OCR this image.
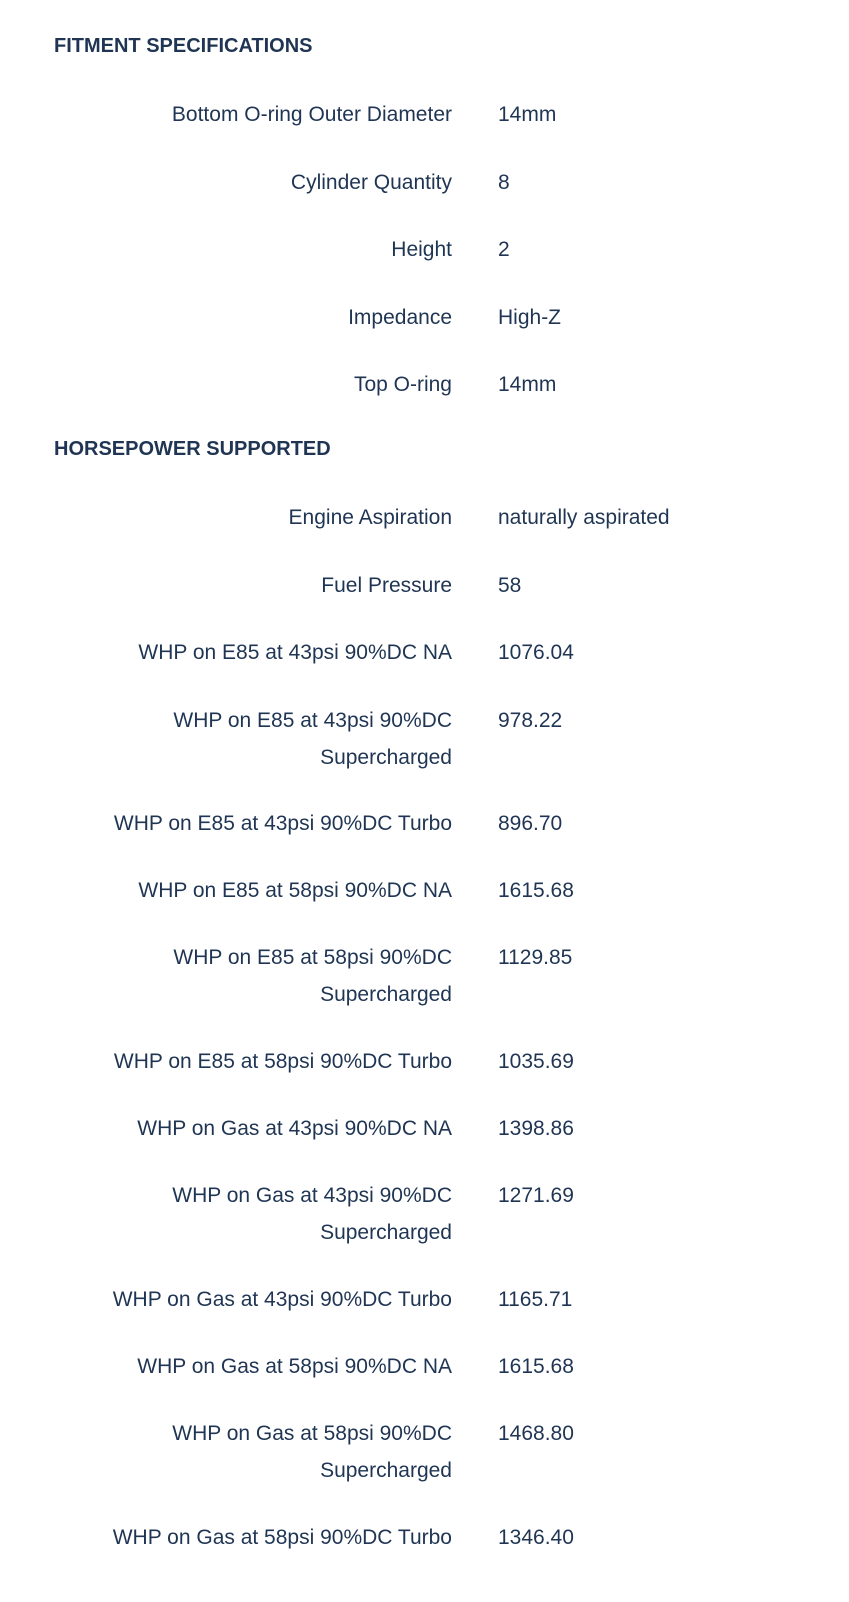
FITMENT SPECIFICATIONS
Bottom O-ring Outer Diameter 14mm
Cylinder Quantity 8
Height 2
Impedance High-Z
Top O-ring 14mm
HORSEPOWER SUPPORTED
Engine Aspiration naturally aspirated
Fuel Pressure 58
WHP on E85 at 43psi 90%DC NA 1076.04
WHP on E85 at 43psi 90%DC Supercharged
978.22
WHP on E85 at 43psi 90%DC Turbo 896.70
WHP on E85 at 58psi 90%DC NA 1615.68
WHP on E85 at 58psi 90%DC Supercharged
1129.85
WHP on E85 at 58psi 90%DC Turbo 1035.69
WHP on Gas at 43psi 90%DC NA 1398.86
WHP on Gas at 43psi 90%DC Supercharged
1271.69
WHP on Gas at 43psi 90%DC Turbo 1165.71
WHP on Gas at 58psi 90%DC NA 1615.68
WHP on Gas at 58psi 90%DC Supercharged
1468.80
WHP on Gas at 58psi 90%DC Turbo 1346.40
